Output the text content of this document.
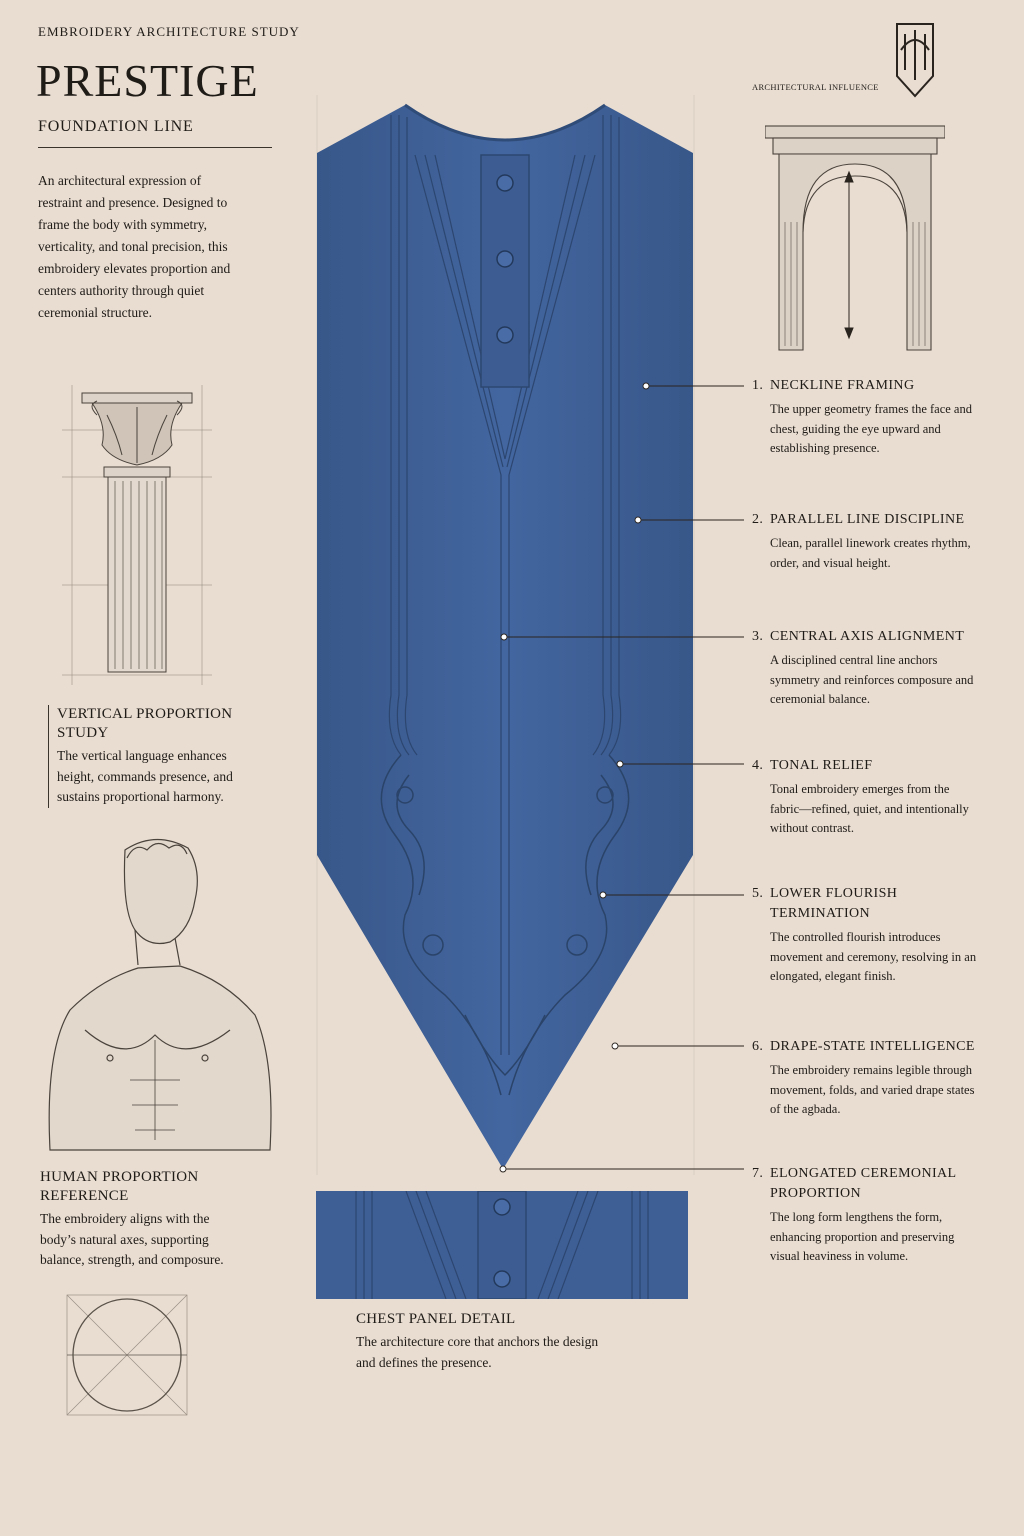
EMBROIDERY ARCHITECTURE STUDY
PRESTIGE
FOUNDATION LINE
An architectural expression of restraint and presence. Designed to frame the body with symmetry, verticality, and tonal precision, this embroidery elevates proportion and centers authority through quiet ceremonial structure.
VERTICAL PROPORTION STUDY
The vertical language enhances height, commands presence, and sustains proportional harmony.
HUMAN PROPORTION REFERENCE
The embroidery aligns with the body’s natural axes, supporting balance, strength, and composure.
ARCHITECTURAL INFLUENCE
CHEST PANEL DETAIL
The architecture core that anchors the design and defines the presence.
1. NECKLINE FRAMING
The upper geometry frames the face and chest, guiding the eye upward and establishing presence.
2. PARALLEL LINE DISCIPLINE
Clean, parallel linework creates rhythm, order, and visual height.
3. CENTRAL AXIS ALIGNMENT
A disciplined central line anchors symmetry and reinforces composure and ceremonial balance.
4. TONAL RELIEF
Tonal embroidery emerges from the fabric—refined, quiet, and intentionally without contrast.
5. LOWER FLOURISH TERMINATION
The controlled flourish introduces movement and ceremony, resolving in an elongated, elegant finish.
6. DRAPE-STATE INTELLIGENCE
The embroidery remains legible through movement, folds, and varied drape states of the agbada.
7. ELONGATED CEREMONIAL PROPORTION
The long form lengthens the form, enhancing proportion and preserving visual heaviness in volume.
